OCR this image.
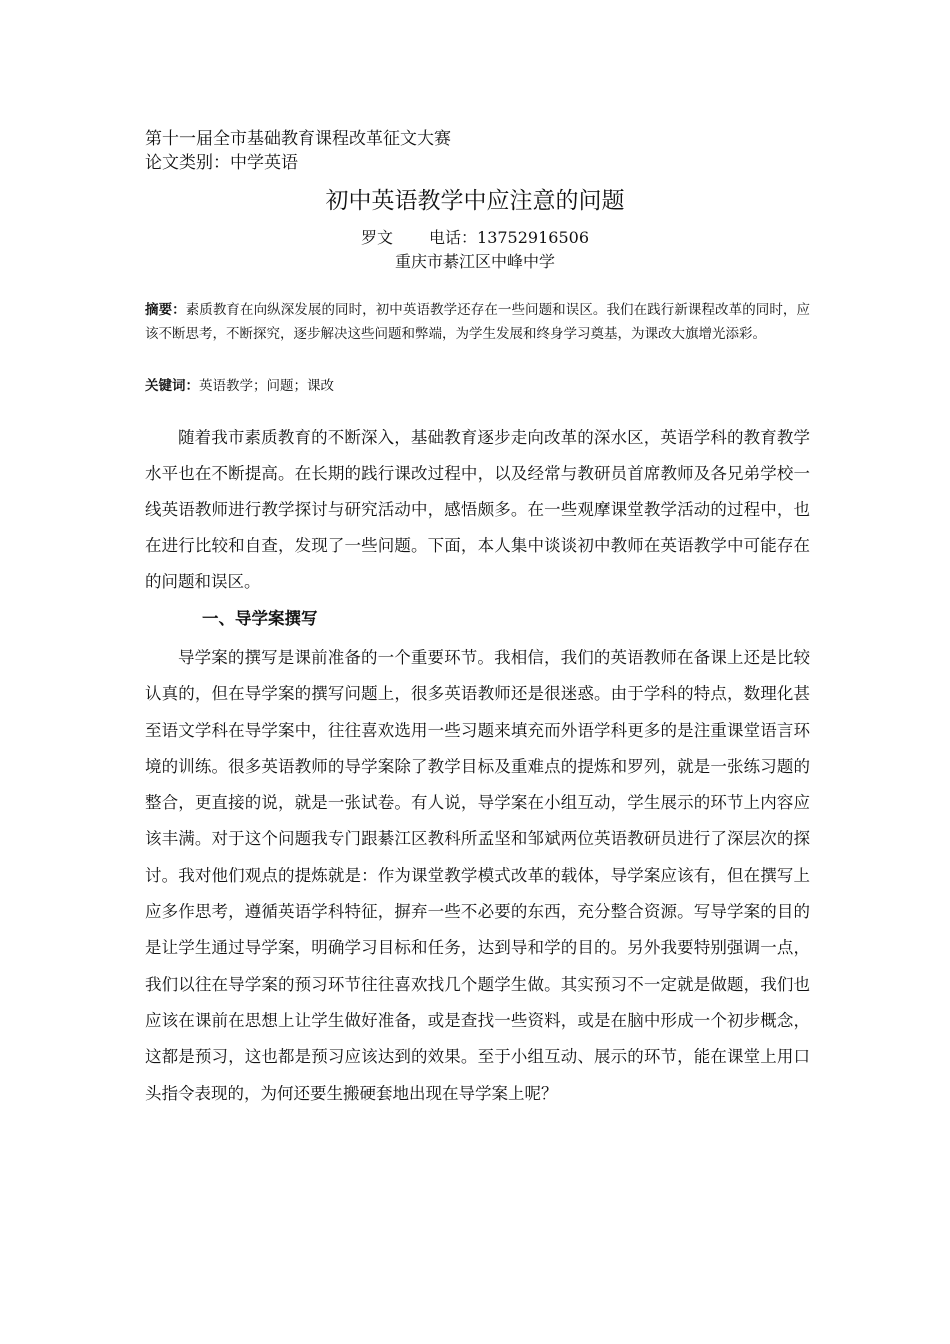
第十一届全市基础教育课程改革征文大赛
论文类别：中学英语
初中英语教学中应注意的问题
罗文 电话：13752916506
重庆市綦江区中峰中学
摘要：素质教育在向纵深发展的同时，初中英语教学还存在一些问题和误区。我们在践行新课程改革的同时，应该不断思考，不断探究，逐步解决这些问题和弊端，为学生发展和终身学习奠基，为课改大旗增光添彩。
关键词：英语教学；问题；课改
随着我市素质教育的不断深入，基础教育逐步走向改革的深水区，英语学科的教育教学水平也在不断提高。在长期的践行课改过程中，以及经常与教研员首席教师及各兄弟学校一线英语教师进行教学探讨与研究活动中，感悟颇多。在一些观摩课堂教学活动的过程中，也在进行比较和自查，发现了一些问题。下面，本人集中谈谈初中教师在英语教学中可能存在的问题和误区。
一、导学案撰写
导学案的撰写是课前准备的一个重要环节。我相信，我们的英语教师在备课上还是比较认真的，但在导学案的撰写问题上，很多英语教师还是很迷惑。由于学科的特点，数理化甚至语文学科在导学案中，往往喜欢选用一些习题来填充而外语学科更多的是注重课堂语言环境的训练。很多英语教师的导学案除了教学目标及重难点的提炼和罗列，就是一张练习题的整合，更直接的说，就是一张试卷。有人说，导学案在小组互动，学生展示的环节上内容应该丰满。对于这个问题我专门跟綦江区教科所孟坚和邹斌两位英语教研员进行了深层次的探讨。我对他们观点的提炼就是：作为课堂教学模式改革的载体，导学案应该有，但在撰写上应多作思考，遵循英语学科特征，摒弃一些不必要的东西，充分整合资源。写导学案的目的是让学生通过导学案，明确学习目标和任务，达到导和学的目的。另外我要特别强调一点，我们以往在导学案的预习环节往往喜欢找几个题学生做。其实预习不一定就是做题，我们也应该在课前在思想上让学生做好准备，或是查找一些资料，或是在脑中形成一个初步概念，这都是预习，这也都是预习应该达到的效果。至于小组互动、展示的环节，能在课堂上用口头指令表现的，为何还要生搬硬套地出现在导学案上呢？
